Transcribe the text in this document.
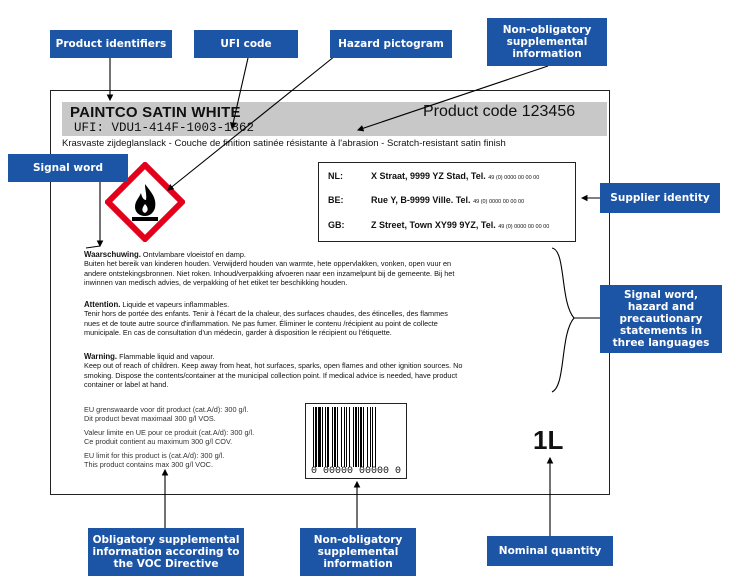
PAINTCO SATIN WHITE	Product code 123456
UFI: VDU1-414F-1003-1862
Krasvaste zijdeglanslack - Couche de finition satinée résistante à l'abrasion - Scratch-resistant satin finish
NL:	X Straat, 9999 YZ Stad, Tel. 49 (0) 0000 00 00 00
BE:	Rue Y, B-9999 Ville. Tel. 49 (0) 0000 00 00 00
GB:	Z Street, Town XY99 9YZ, Tel. 49 (0) 0000 00 00 00
Waarschuwing. Ontvlambare vloeistof en damp.
Buiten het bereik van kinderen houden. Verwijderd houden van warmte, hete oppervlakken, vonken, open vuur en
andere ontstekingsbronnen. Niet roken. Inhoud/verpakking afvoeren naar een inzamelpunt bij de gemeente. Bij het
inwinnen van medisch advies, de verpakking of het etiket ter beschikking houden.
Attention. Liquide et vapeurs inflammables.
Tenir hors de portée des enfants. Tenir à l'écart de la chaleur, des surfaces chaudes, des étincelles, des flammes
nues et de toute autre source d'inflammation. Ne pas fumer. Éliminer le contenu /récipient au point de collecte
municipale. En cas de consultation d'un médecin, garder à disposition le récipient ou l'étiquette.
Warning. Flammable liquid and vapour.
Keep out of reach of children. Keep away from heat, hot surfaces, sparks, open flames and other ignition sources. No
smoking. Dispose the contents/container at the municipal collection point. If medical advice is needed, have product
container or label at hand.
EU grenswaarde voor dit product (cat.A/d): 300 g/l.
Dit product bevat maximaal 300 g/l VOS.
Valeur limite en UE pour ce produit (cat.A/d): 300 g/l.
Ce produit contient au maximum 300 g/l COV.
EU limit for this product is (cat.A/d): 300 g/l.
This product contains max 300 g/l VOC.
0 00000 00000 0
1L
Product identifiers	UFI code	Hazard pictogram
Non-obligatory supplemental information
Signal word
Supplier identity
Signal word, hazard and precautionary statements in three languages
Obligatory supplemental information according to the VOC Directive
Non-obligatory supplemental information
Nominal quantity
